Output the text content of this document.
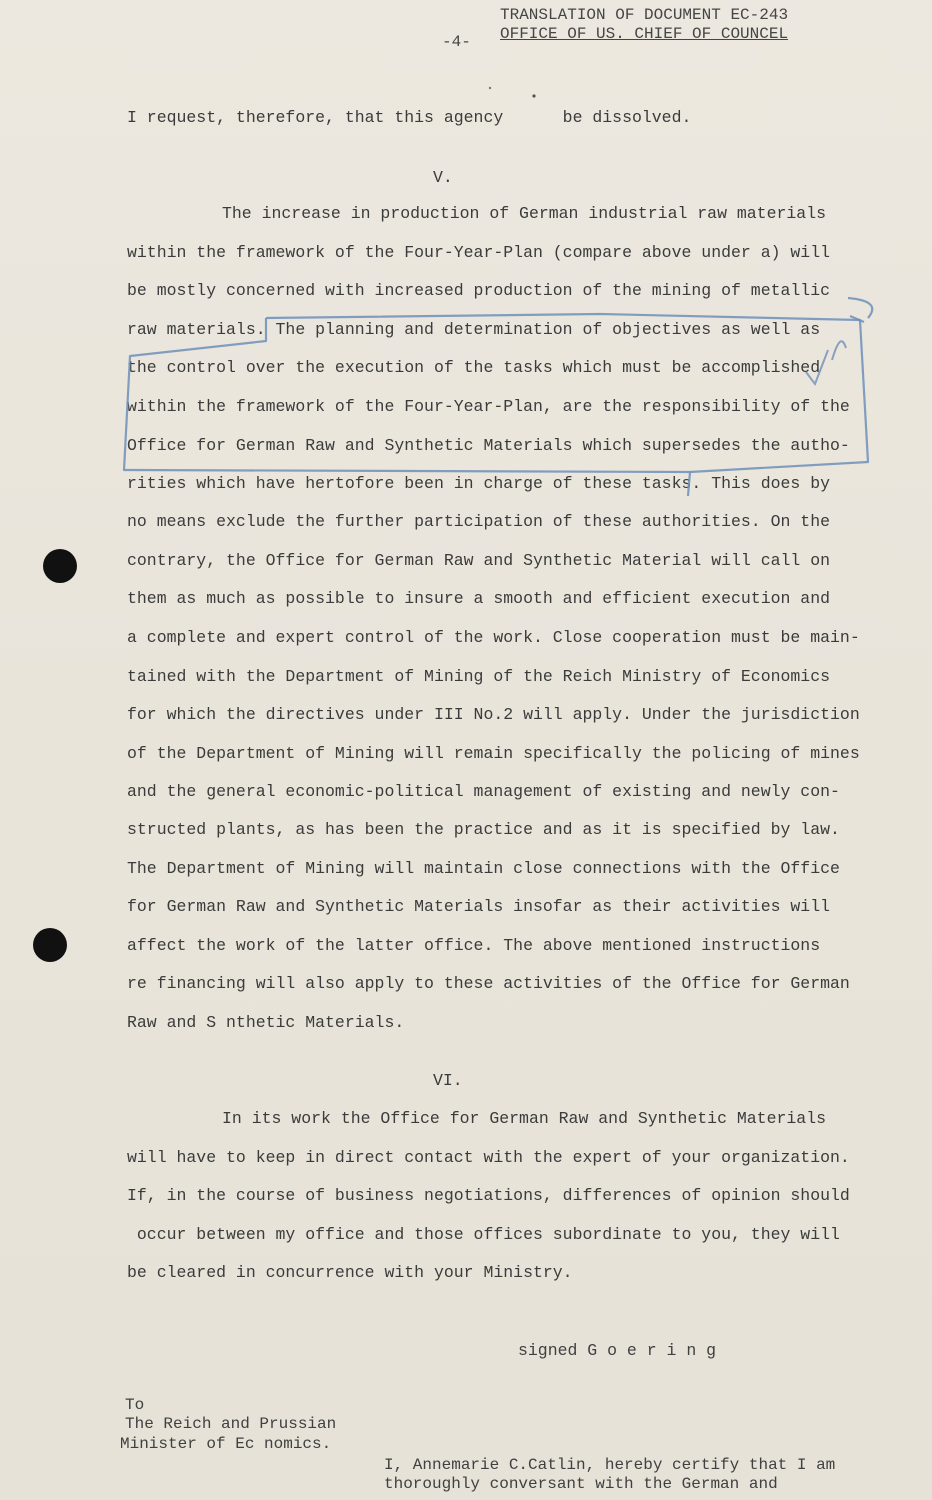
-4-
TRANSLATION OF DOCUMENT EC-243
OFFICE OF US. CHIEF OF COUNCEL
I request, therefore, that this agency      be dissolved.
V.
The increase in production of German industrial raw materials
within the framework of the Four-Year-Plan (compare above under a) will
be mostly concerned with increased production of the mining of metallic
raw materials. The planning and determination of objectives as well as
the control over the execution of the tasks which must be accomplished
within the framework of the Four-Year-Plan, are the responsibility of the
Office for German Raw and Synthetic Materials which supersedes the autho-
rities which have hertofore been in charge of these tasks. This does by
no means exclude the further participation of these authorities. On the
contrary, the Office for German Raw and Synthetic Material will call on
them as much as possible to insure a smooth and efficient execution and
a complete and expert control of the work. Close cooperation must be main-
tained with the Department of Mining of the Reich Ministry of Economics
for which the directives under III No.2 will apply. Under the jurisdiction
of the Department of Mining will remain specifically the policing of mines
and the general economic-political management of existing and newly con-
structed plants, as has been the practice and as it is specified by law.
The Department of Mining will maintain close connections with the Office
for German Raw and Synthetic Materials insofar as their activities will
affect the work of the latter office. The above mentioned instructions
re financing will also apply to these activities of the Office for German
Raw and S nthetic Materials.
VI.
In its work the Office for German Raw and Synthetic Materials
will have to keep in direct contact with the expert of your organization.
If, in the course of business negotiations, differences of opinion should
occur between my office and those offices subordinate to you, they will
be cleared in concurrence with your Ministry.
signed G o e r i n g
To
The Reich and Prussian
Minister of Ec nomics.
I, Annemarie C.Catlin, hereby certify that I am
thoroughly conversant with the German and
